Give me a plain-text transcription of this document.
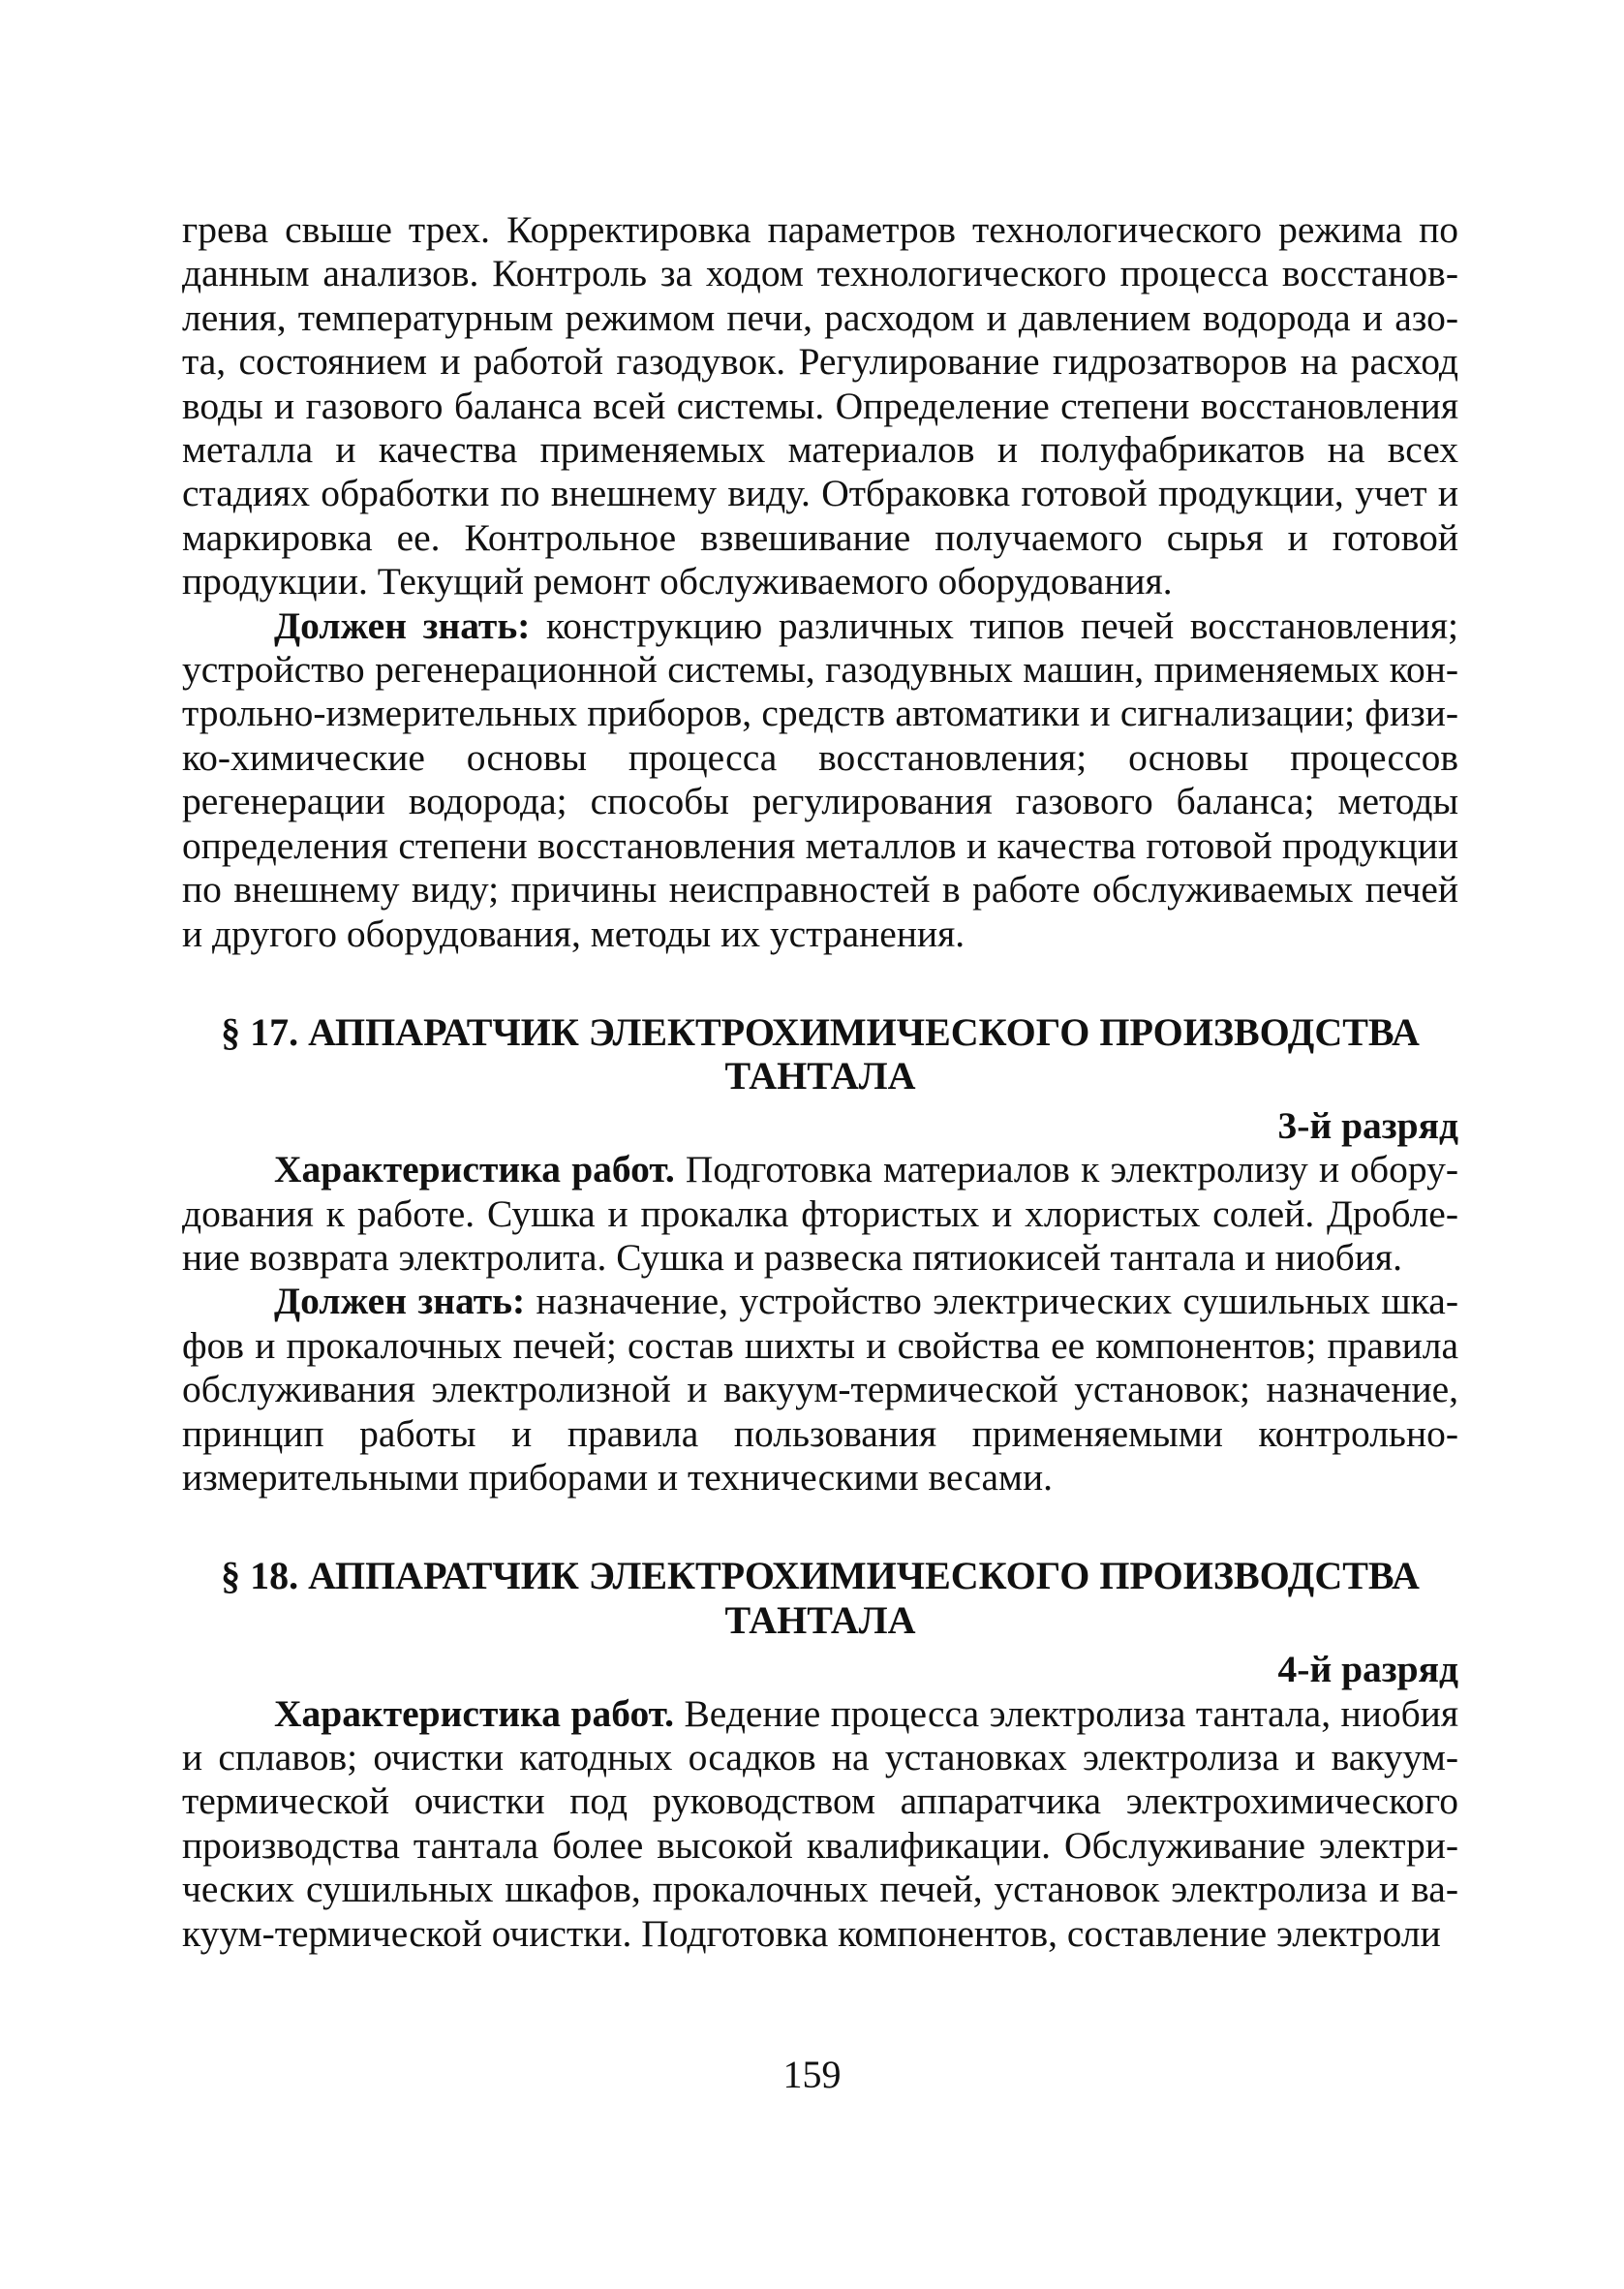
грева свыше трех. Корректировка параметров технологического режима по данным анализов. Контроль за ходом технологического процесса восстановления, температурным режимом печи, расходом и давлением водорода и азота, состоянием и работой газодувок. Регулирование гидрозатворов на расход воды и газового баланса всей системы. Определение степени восстановления металла и качества применяемых материалов и полуфабрикатов на всех стадиях обработки по внешнему виду. Отбраковка готовой продукции, учет и маркировка ее. Контрольное взвешивание получаемого сырья и готовой продукции. Текущий ремонт обслуживаемого оборудования.

Должен знать: конструкцию различных типов печей восстановления; устройство регенерационной системы, газодувных машин, применяемых контрольно-измерительных приборов, средств автоматики и сигнализации; физико-химические основы процесса восстановления; основы процессов регенерации водорода; способы регулирования газового баланса; методы определения степени восстановления металлов и качества готовой продукции по внешнему виду; причины неисправностей в работе обслуживаемых печей и другого оборудования, методы их устранения.

§ 17. АППАРАТЧИК ЭЛЕКТРОХИМИЧЕСКОГО ПРОИЗВОДСТВА
ТАНТАЛА
3-й разряд

Характеристика работ. Подготовка материалов к электролизу и оборудования к работе. Сушка и прокалка фтористых и хлористых солей. Дробление возврата электролита. Сушка и развеска пятиокисей тантала и ниобия.

Должен знать: назначение, устройство электрических сушильных шкафов и прокалочных печей; состав шихты и свойства ее компонентов; правила обслуживания электролизной и вакуум-термической установок; назначение, принцип работы и правила пользования применяемыми контрольно-измерительными приборами и техническими весами.

§ 18. АППАРАТЧИК ЭЛЕКТРОХИМИЧЕСКОГО ПРОИЗВОДСТВА
ТАНТАЛА
4-й разряд

Характеристика работ. Ведение процесса электролиза тантала, ниобия и сплавов; очистки катодных осадков на установках электролиза и вакуум-термической очистки под руководством аппаратчика электрохимического производства тантала более высокой квалификации. Обслуживание электрических сушильных шкафов, прокалочных печей, установок электролиза и вакуум-термической очистки. Подготовка компонентов, составление электроли

159
